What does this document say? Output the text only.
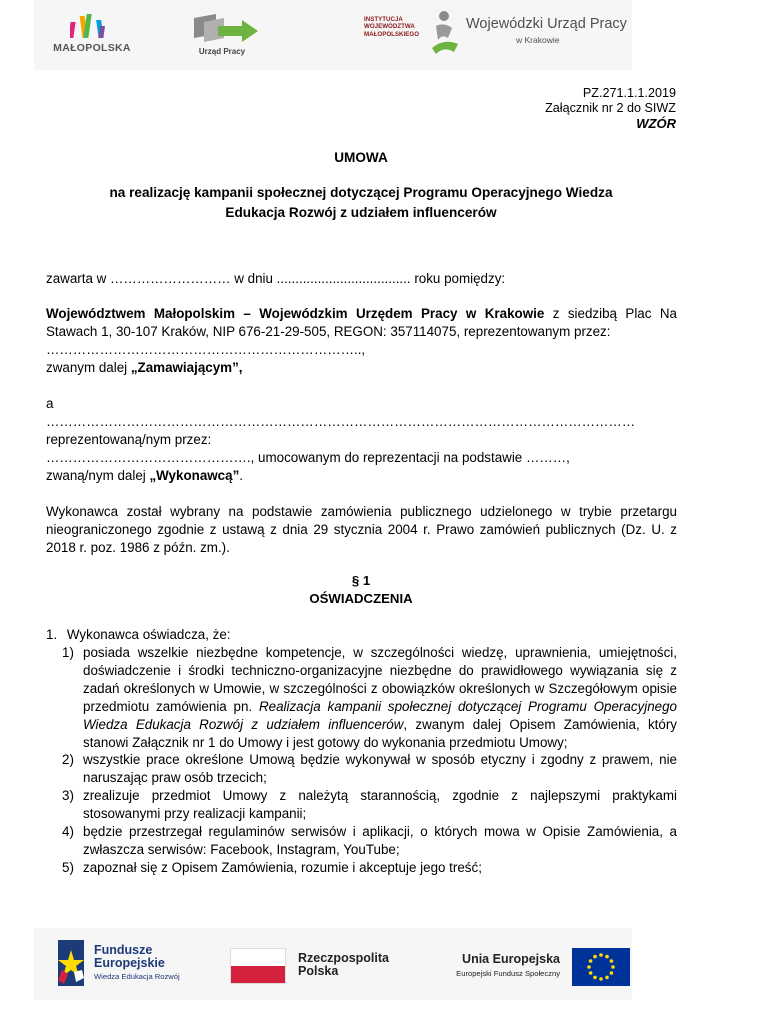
MAŁOPOLSKA	Urząd Pracy
INSTYTUCJA
WOJEWÓDZTWA
MAŁOPOLSKIEGO
Wojewódzki Urząd Pracy
w Krakowie
PZ.271.1.1.2019
Załącznik nr 2 do SIWZ
WZÓR
UMOWA
na realizację kampanii społecznej dotyczącej Programu Operacyjnego Wiedza
Edukacja Rozwój z udziałem influencerów
zawarta w ……………………… w dniu .................................... roku pomiędzy:
Województwem Małopolskim – Wojewódzkim Urzędem Pracy w Krakowie z siedzibą Plac Na Stawach 1, 30-107 Kraków, NIP 676-21-29-505, REGON: 357114075, reprezentowanym przez:
……………………………………………………………..,
zwanym dalej „Zamawiającym”,
a
……………………………………………………………………………………………………………………
reprezentowaną/nym przez:
………………………………………., umocowanym do reprezentacji na podstawie ………,
zwaną/nym dalej „Wykonawcą”.
Wykonawca został wybrany na podstawie zamówienia publicznego udzielonego w trybie przetargu nieograniczonego zgodnie z ustawą z dnia 29 stycznia 2004 r. Prawo zamówień publicznych (Dz. U. z 2018 r. poz. 1986 z późn. zm.).
§ 1
OŚWIADCZENIA
1. Wykonawca oświadcza, że:
1) posiada wszelkie niezbędne kompetencje, w szczególności wiedzę, uprawnienia, umiejętności, doświadczenie i środki techniczno-organizacyjne niezbędne do prawidłowego wywiązania się z zadań określonych w Umowie, w szczególności z obowiązków określonych w Szczegółowym opisie przedmiotu zamówienia pn. Realizacja kampanii społecznej dotyczącej Programu Operacyjnego Wiedza Edukacja Rozwój z udziałem influencerów, zwanym dalej Opisem Zamówienia, który stanowi Załącznik nr 1 do Umowy i jest gotowy do wykonania przedmiotu Umowy;
2) wszystkie prace określone Umową będzie wykonywał w sposób etyczny i zgodny z prawem, nie naruszając praw osób trzecich;
3) zrealizuje przedmiot Umowy z należytą starannością, zgodnie z najlepszymi praktykami stosowanymi przy realizacji kampanii;
4) będzie przestrzegał regulaminów serwisów i aplikacji, o których mowa w Opisie Zamówienia, a zwłaszcza serwisów: Facebook, Instagram, YouTube;
5) zapoznał się z Opisem Zamówienia, rozumie i akceptuje jego treść;
Fundusze
Europejskie
Wiedza Edukacja Rozwój
Rzeczpospolita
Polska
Unia Europejska
Europejski Fundusz Społeczny
